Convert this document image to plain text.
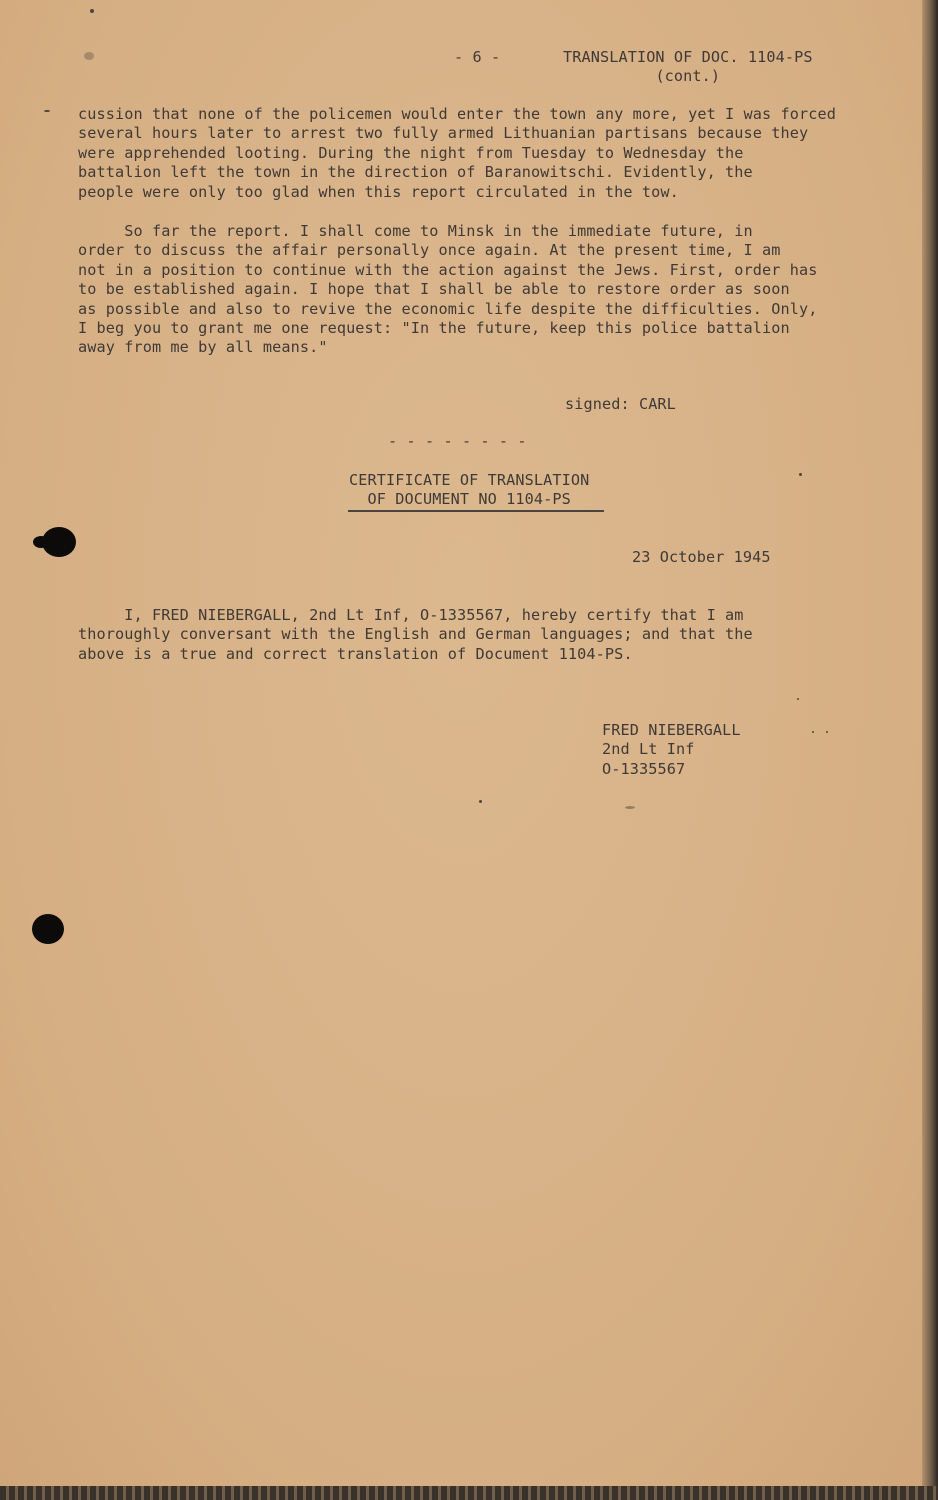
- 6 -	TRANSLATION OF DOC. 1104-PS
(cont.)
cussion that none of the policemen would enter the town any more, yet I was forced
several hours later to arrest two fully armed Lithuanian partisans because they
were apprehended looting. During the night from Tuesday to Wednesday the
battalion left the town in the direction of Baranowitschi. Evidently, the
people were only too glad when this report circulated in the tow.
So far the report. I shall come to Minsk in the immediate future, in
order to discuss the affair personally once again. At the present time, I am
not in a position to continue with the action against the Jews. First, order has
to be established again. I hope that I shall be able to restore order as soon
as possible and also to revive the economic life despite the difficulties. Only,
I beg you to grant me one request: "In the future, keep this police battalion
away from me by all means."
signed: CARL
- - - - - - - -
CERTIFICATE OF TRANSLATION
OF DOCUMENT NO 1104-PS
23 October 1945
I, FRED NIEBERGALL, 2nd Lt Inf, O-1335567, hereby certify that I am
thoroughly conversant with the English and German languages; and that the
above is a true and correct translation of Document 1104-PS.
FRED NIEBERGALL
2nd Lt Inf
O-1335567
